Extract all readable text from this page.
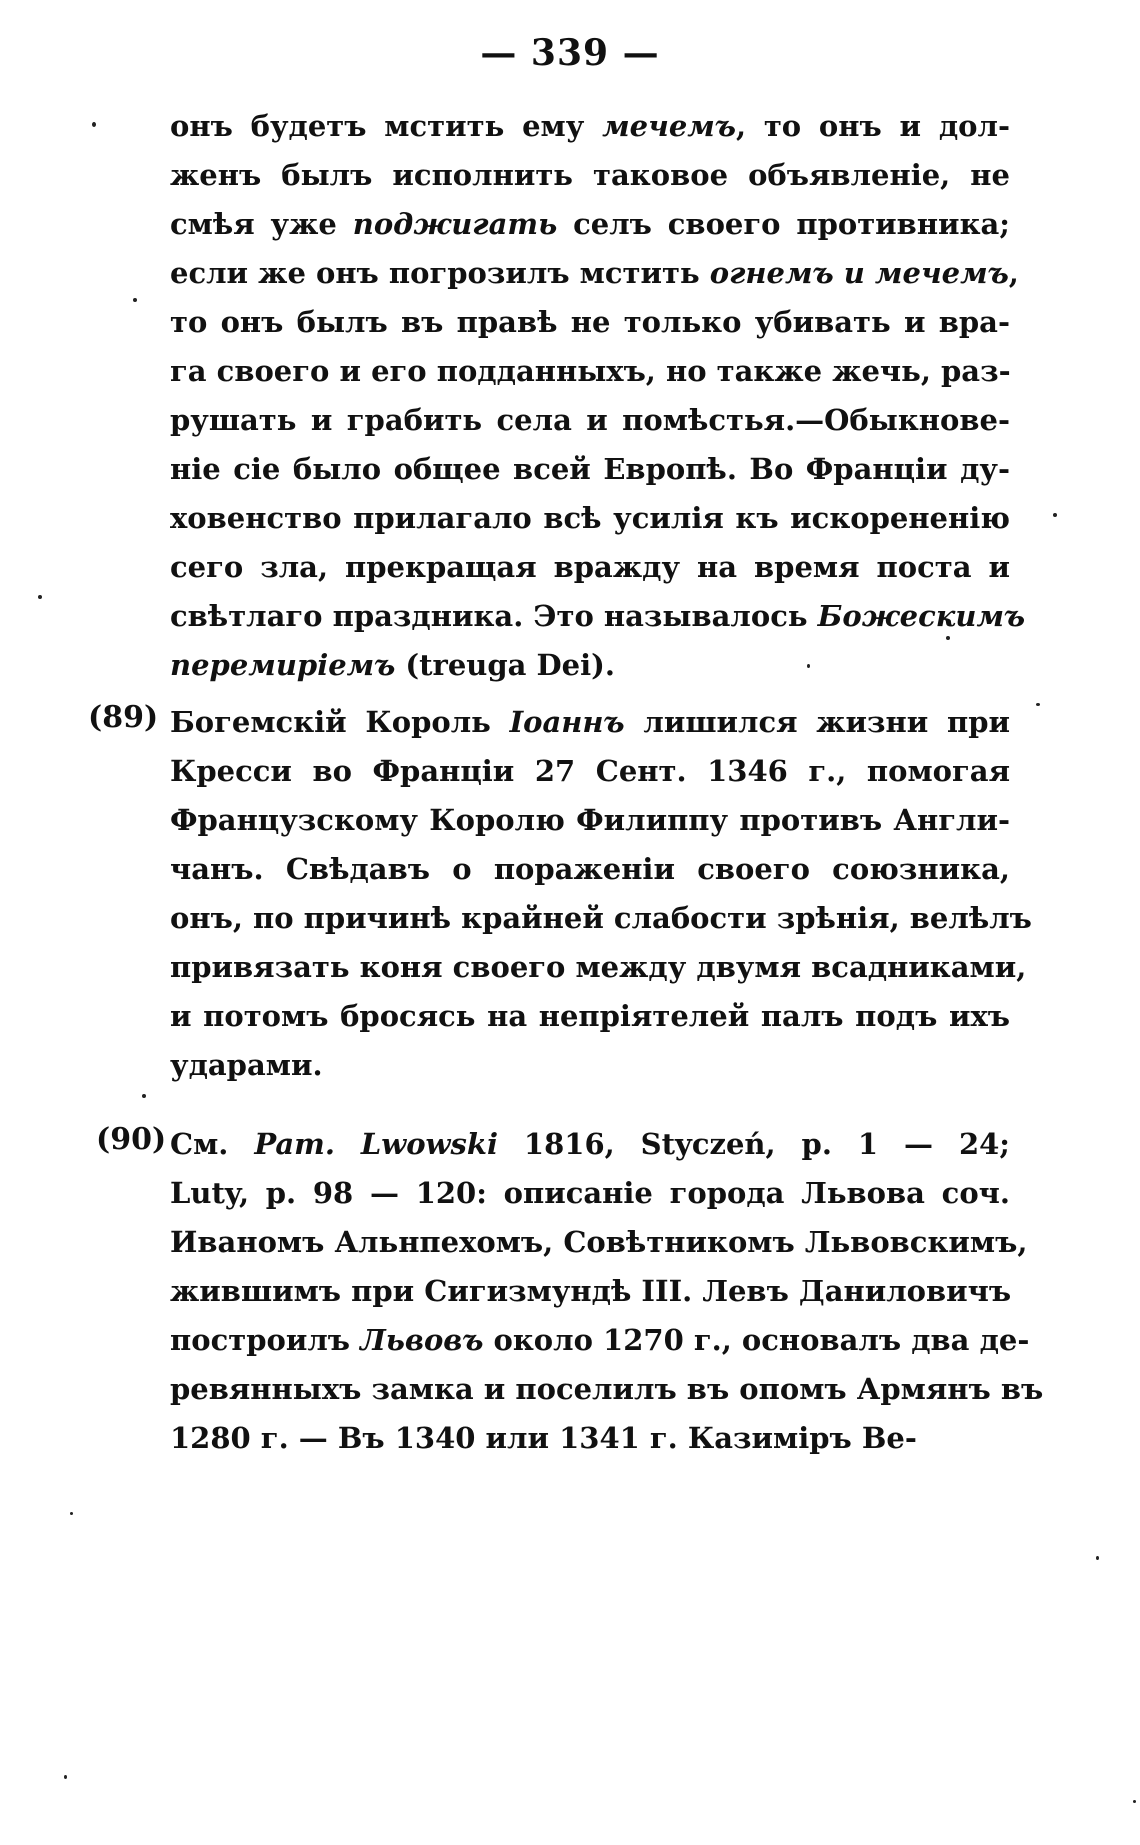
— 339 —
онъ будетъ мстить ему мечемъ, то онъ и дол-
женъ былъ исполнить таковое объявленіе, не
смѣя уже поджигать селъ своего противника;
если же онъ погрозилъ мстить огнемъ и мечемъ,
то онъ былъ въ правѣ не только убивать и вра-
га своего и его подданныхъ, но также жечь, раз-
рушать и грабить села и помѣстья.—Обыкнове-
ніе сіе было общее всей Европѣ. Во Франціи ду-
ховенство прилагало всѣ усилія къ искорененію
сего зла, прекращая вражду на время поста и
свѣтлаго праздника. Это называлось Божескимъ
перемиріемъ (treuga Dei).
(89) Богемскій Король Іоаннъ лишился жизни при
Кресси во Франціи 27 Сент. 1346 г., помогая
Французскому Королю Филиппу противъ Англи-
чанъ. Свѣдавъ о пораженіи своего союзника,
онъ, по причинѣ крайней слабости зрѣнія, велѣлъ
привязать коня своего между двумя всадниками,
и потомъ бросясь на непріятелей палъ подъ ихъ
ударами.
(90) См. Pam. Lwowski 1816, Styczeń, p. 1 — 24;
Luty, p. 98 — 120: описаніе города Львова соч.
Иваномъ Альнпехомъ, Совѣтникомъ Львовскимъ,
жившимъ при Сигизмундѣ III. Левъ Даниловичъ
построилъ Львовъ около 1270 г., основалъ два де-
ревянныхъ замка и поселилъ въ опомъ Армянъ въ
1280 г. — Въ 1340 или 1341 г. Казиміръ Ве-
